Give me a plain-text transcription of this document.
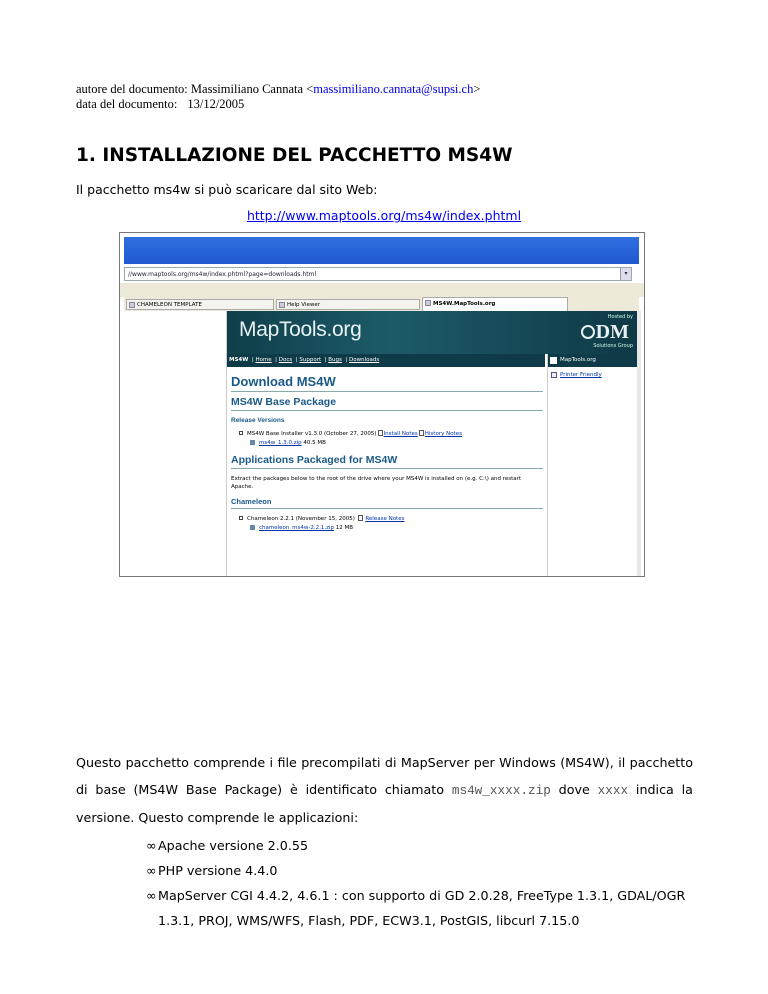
autore del documento: Massimiliano Cannata <massimiliano.cannata@supsi.ch>
data del documento: 13/12/2005
1. INSTALLAZIONE DEL PACCHETTO MS4W
Il pacchetto ms4w si può scaricare dal sito Web:
http://www.maptools.org/ms4w/index.phtml
//www.maptools.org/ms4w/index.phtml?page=downloads.html	▾
CHAMELEON TEMPLATE	Help Viewer	MS4W.MapTools.org
MapTools.org
Hosted by
DM
Solutions Group
MS4W  | Home  | Docs  | Support  | Bugs  | Downloads	MapTools.org
Printer Friendly
Download MS4W
MS4W Base Package
Release Versions
MS4W Base Installer v1.3.0 (October 27, 2005) Install Notes History Notes
ms4w_1.3.0.zip 40.5 MB
Applications Packaged for MS4W
Extract the packages below to the root of the drive where your MS4W is installed on (e.g. C:\) and restart Apache.
Chameleon
Chameleon 2.2.1 (November 15, 2005) Release Notes
chameleon_ms4w-2.2.1.zip 12 MB
Questo pacchetto comprende i file precompilati di MapServer per Windows (MS4W), il pacchetto di base (MS4W Base Package) è identificato chiamato ms4w_xxxx.zip dove xxxx indica la versione. Questo comprende le applicazioni:
∞Apache versione 2.0.55
∞PHP versione 4.4.0
∞MapServer CGI 4.4.2, 4.6.1 : con supporto di GD 2.0.28, FreeType 1.3.1, GDAL/OGR
1.3.1, PROJ, WMS/WFS, Flash, PDF, ECW3.1, PostGIS, libcurl 7.15.0
